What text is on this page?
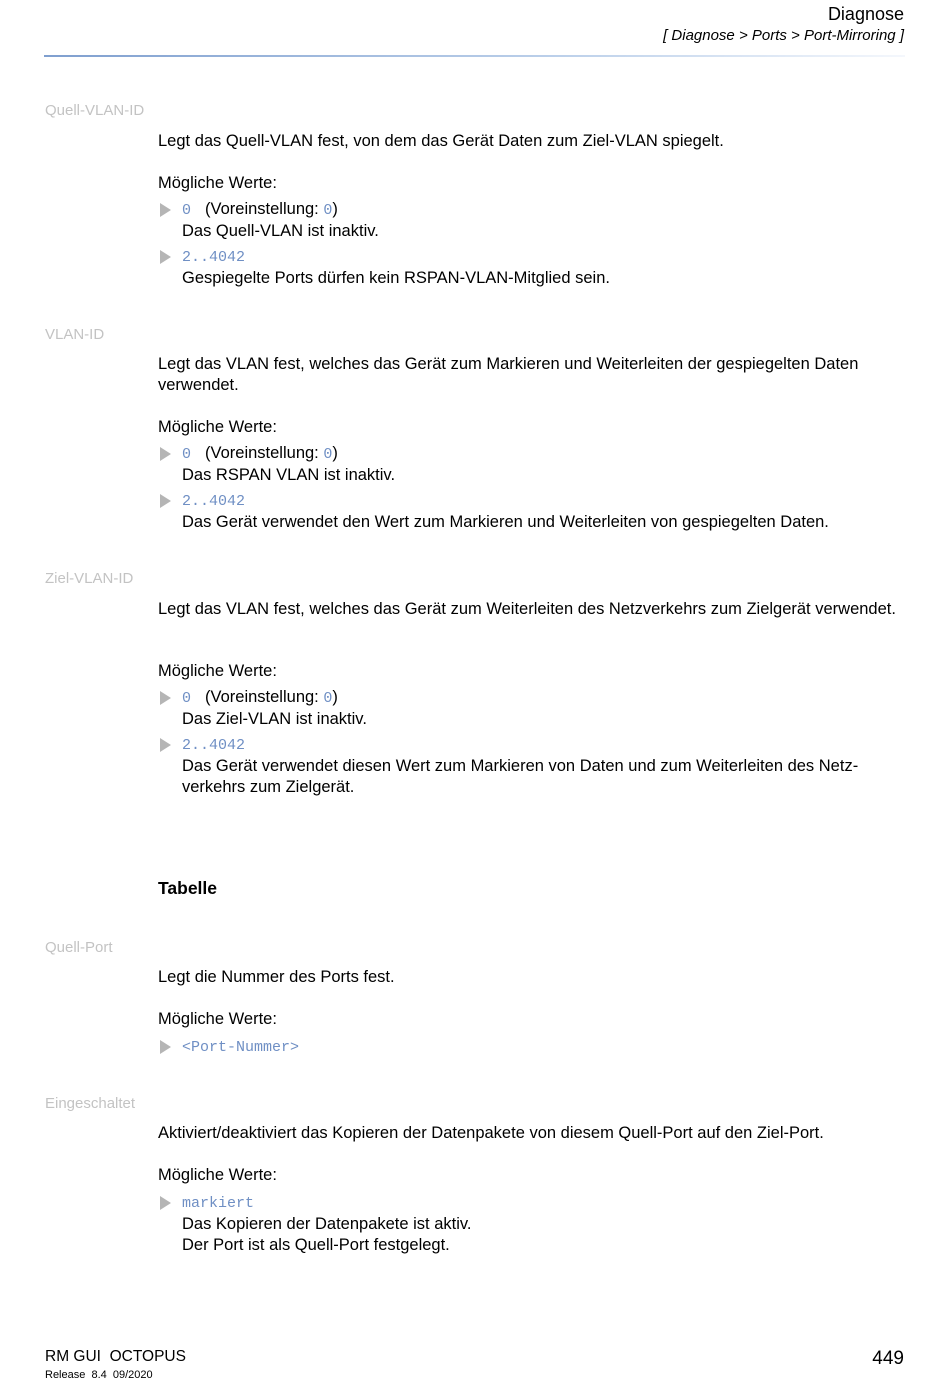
Diagnose
[ Diagnose > Ports > Port-Mirroring ]
Quell-VLAN-ID
Legt das Quell-VLAN fest, von dem das Gerät Daten zum Ziel-VLAN spiegelt.
Mögliche Werte:
0 (Voreinstellung: 0)
Das Quell-VLAN ist inaktiv.
2..4042
Gespiegelte Ports dürfen kein RSPAN-VLAN-Mitglied sein.
VLAN-ID
Legt das VLAN fest, welches das Gerät zum Markieren und Weiterleiten der gespiegelten Daten verwendet.
Mögliche Werte:
0 (Voreinstellung: 0)
Das RSPAN VLAN ist inaktiv.
2..4042
Das Gerät verwendet den Wert zum Markieren und Weiterleiten von gespiegelten Daten.
Ziel-VLAN-ID
Legt das VLAN fest, welches das Gerät zum Weiterleiten des Netzverkehrs zum Zielgerät verwendet.
Mögliche Werte:
0 (Voreinstellung: 0)
Das Ziel-VLAN ist inaktiv.
2..4042
Das Gerät verwendet diesen Wert zum Markieren von Daten und zum Weiterleiten des Netz-
verkehrs zum Zielgerät.
Tabelle
Quell-Port
Legt die Nummer des Ports fest.
Mögliche Werte:
<Port-Nummer>
Eingeschaltet
Aktiviert/deaktiviert das Kopieren der Datenpakete von diesem Quell-Port auf den Ziel-Port.
Mögliche Werte:
markiert
Das Kopieren der Datenpakete ist aktiv.
Der Port ist als Quell-Port festgelegt.
RM GUI  OCTOPUS
Release  8.4  09/2020
449
